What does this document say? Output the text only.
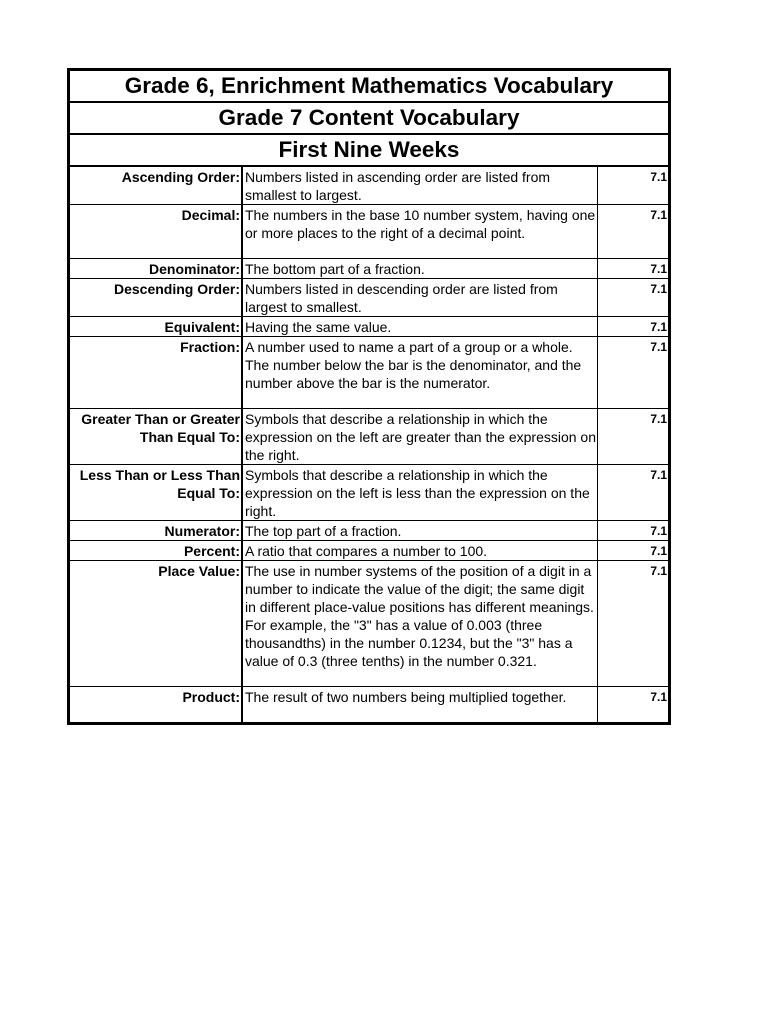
Grade 6, Enrichment Mathematics Vocabulary
Grade 7 Content Vocabulary
First Nine Weeks
Ascending Order:	Numbers listed in ascending order are listed from smallest to largest.	7.1
Decimal:	The numbers in the base 10 number system, having one or more places to the right of a decimal point.	7.1
Denominator:	The bottom part of a fraction.	7.1
Descending Order:	Numbers listed in descending order are listed from largest to smallest.	7.1
Equivalent:	Having the same value.	7.1
Fraction:	A number used to name a part of a group or a whole. The number below the bar is the denominator, and the number above the bar is the numerator.	7.1
Greater Than or Greater Than Equal To:	Symbols that describe a relationship in which the expression on the left are greater than the expression on the right.	7.1
Less Than or Less Than Equal To:	Symbols that describe a relationship in which the expression on the left is less than the expression on the right.	7.1
Numerator:	The top part of a fraction.	7.1
Percent:	A ratio that compares a number to 100.	7.1
Place Value:	The use in number systems of the position of a digit in a number to indicate the value of the digit; the same digit in different place-value positions has different meanings. For example, the "3" has a value of 0.003 (three thousandths) in the number 0.1234, but the "3" has a value of 0.3 (three tenths) in the number 0.321.	7.1
Product:	The result of two numbers being multiplied together.	7.1
